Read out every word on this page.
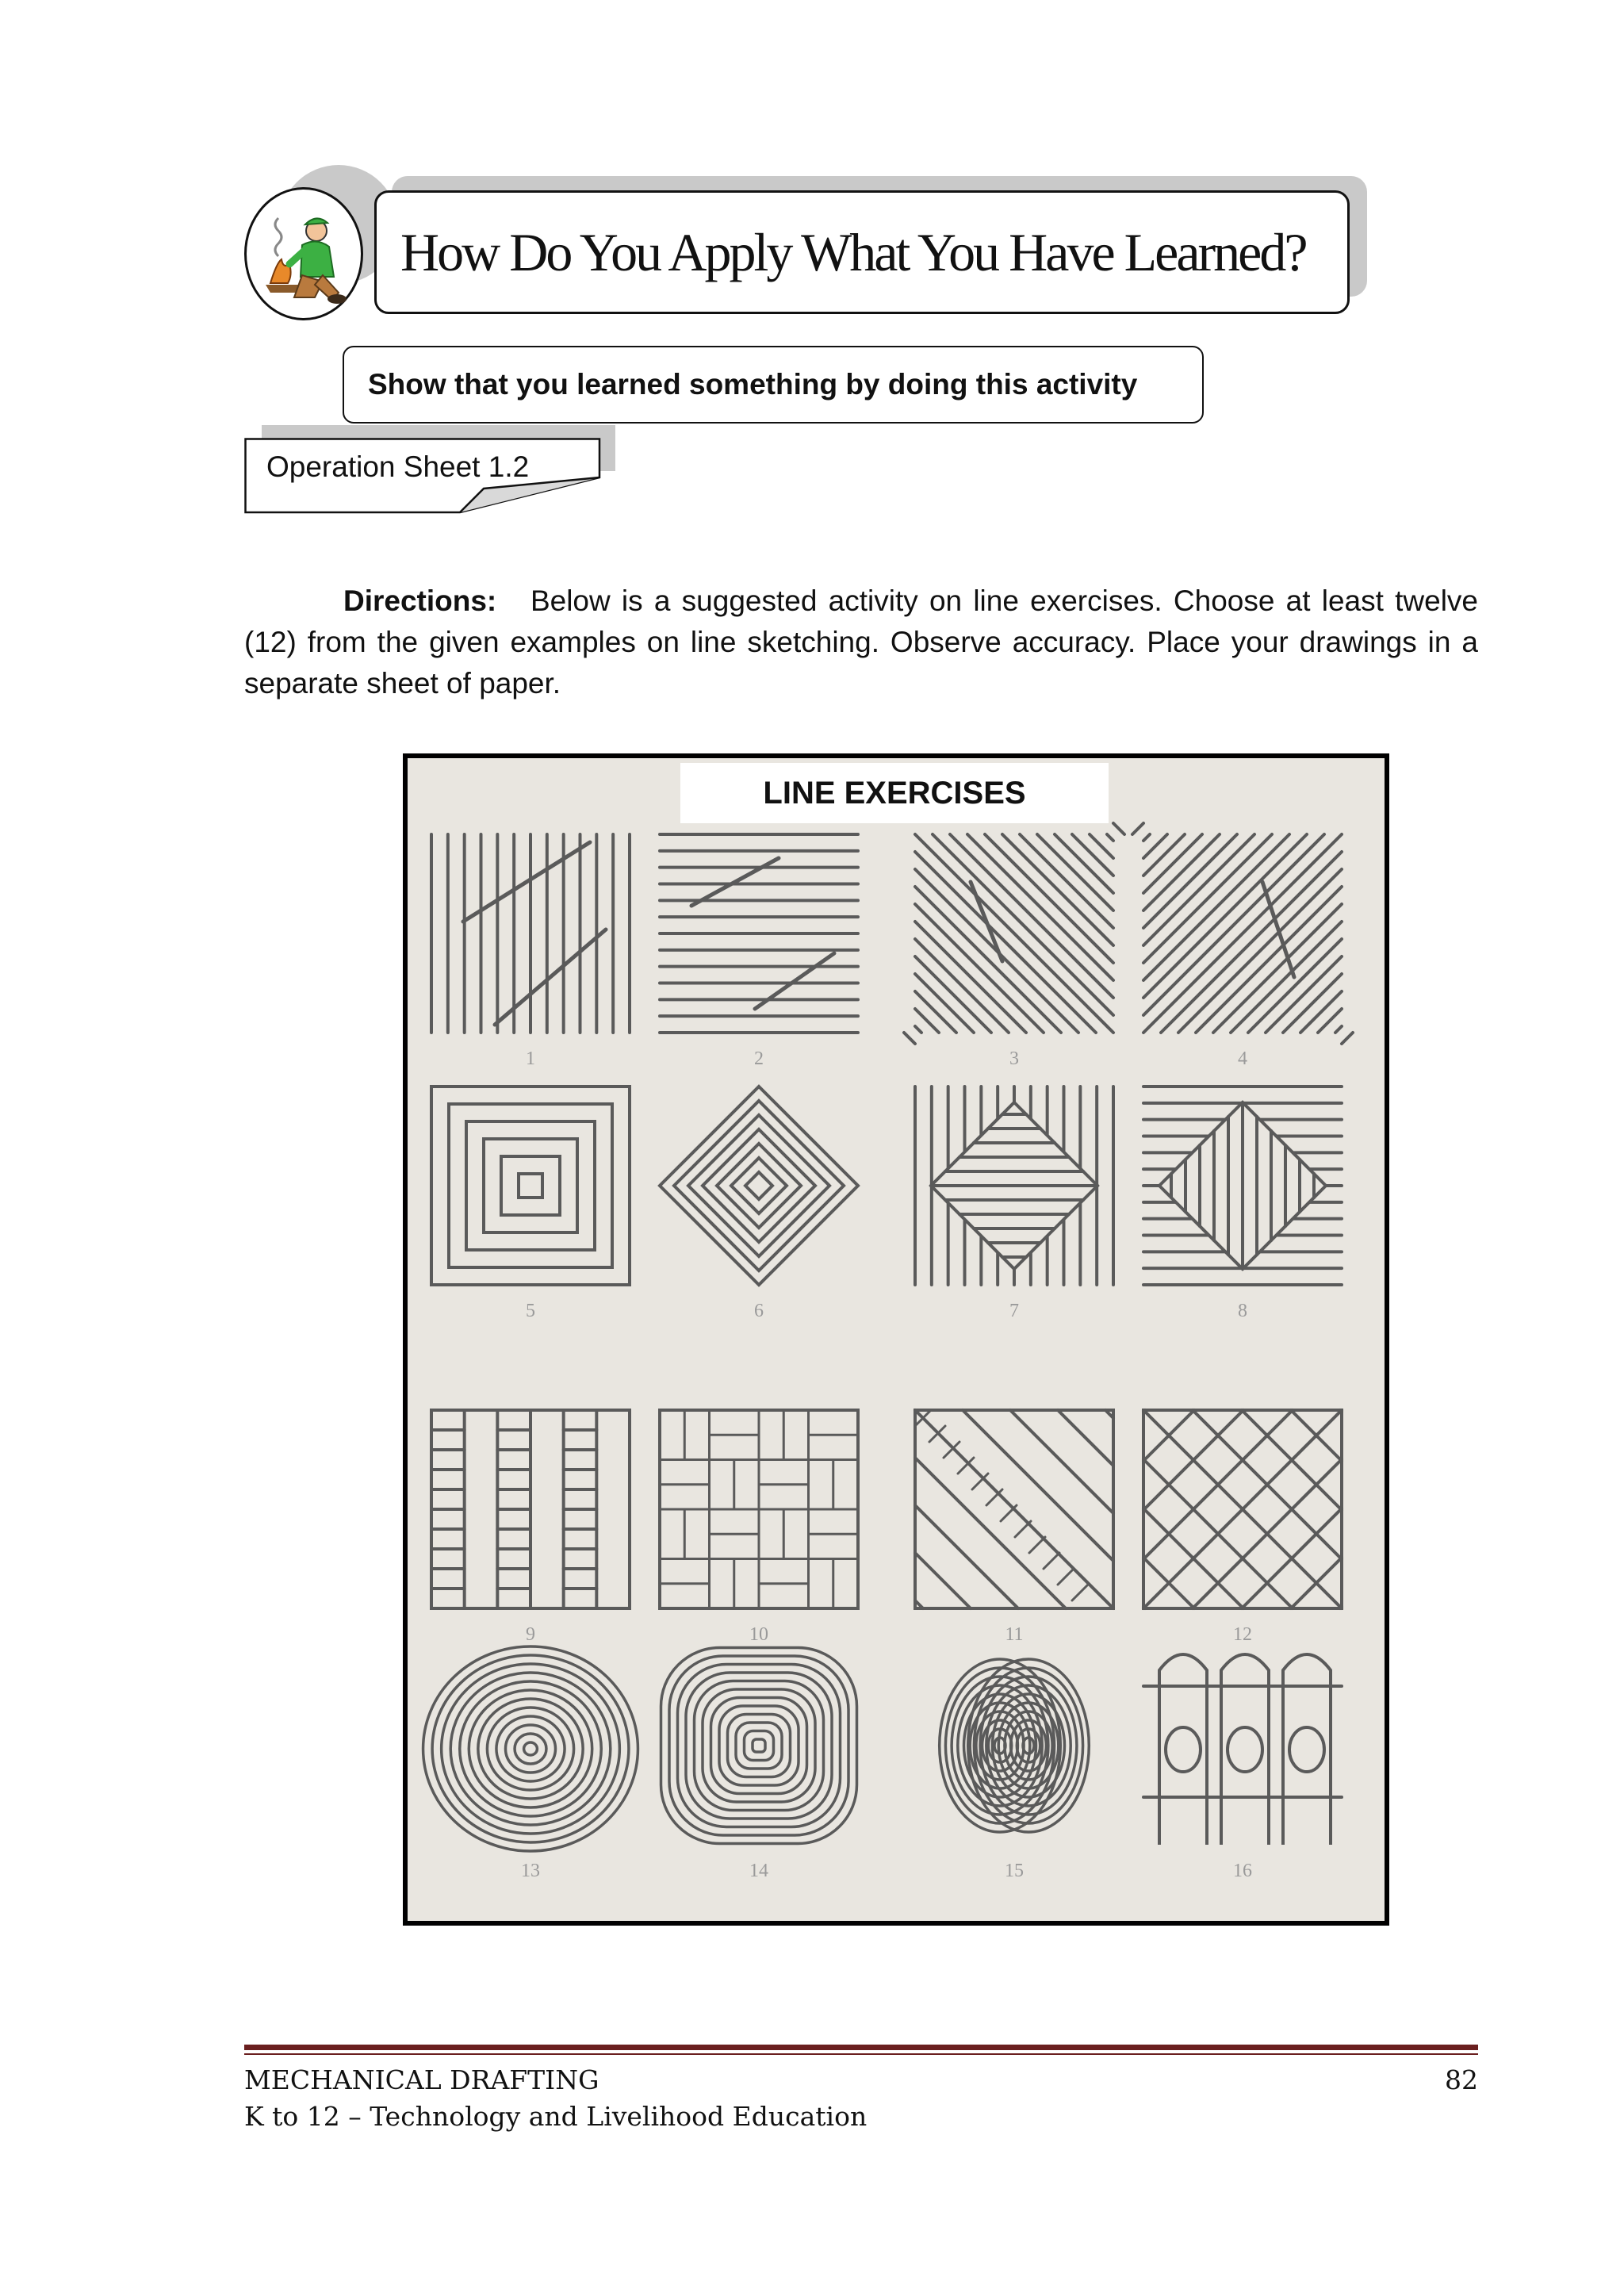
How Do You Apply What You Have Learned?
Show that you learned something by doing this activity
Operation Sheet 1.2
Directions: Below is a suggested activity on line exercises. Choose at least twelve (12) from the given examples on line sketching. Observe accuracy. Place your drawings in a separate sheet of paper.
1	2	3	4
5	6	7	8
9	10	11	12
13	14	15	16
LINE EXERCISES
MECHANICAL DRAFTING
K to 12 – Technology and Livelihood Education
82
